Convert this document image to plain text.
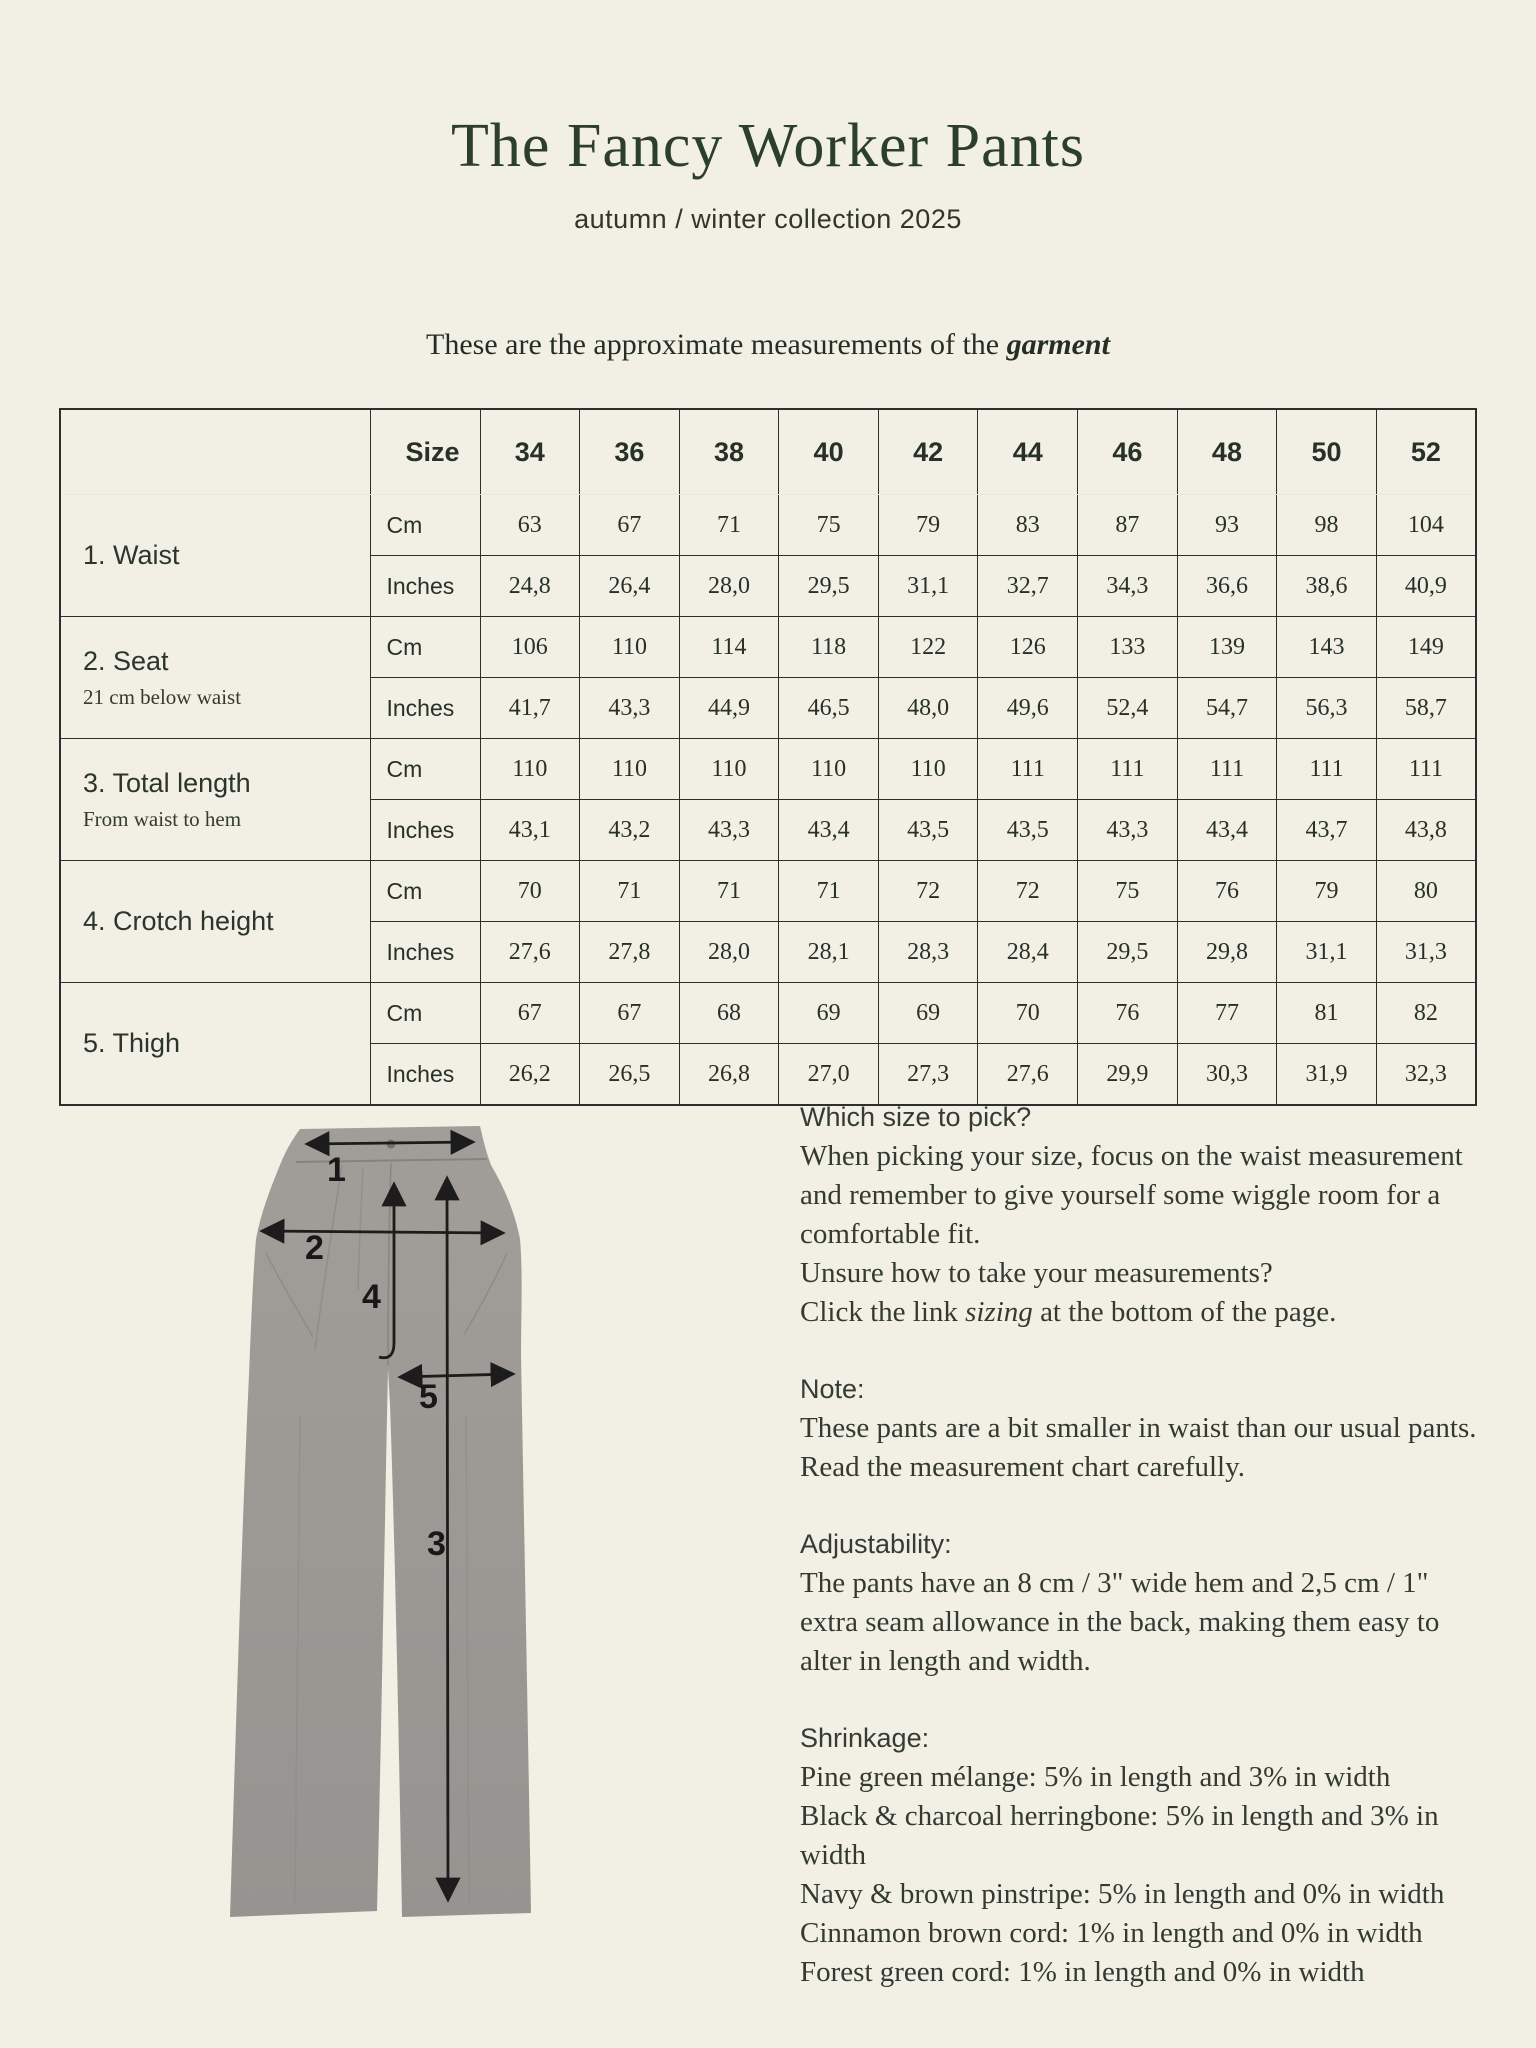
The Fancy Worker Pants
autumn / winter collection 2025

These are the approximate measurements of the garment

	Size	34	36	38	40	42	44	46	48	50	52

1. Waist	Cm	63	67	71	75	79	83	87	93	98	104
	Inches	24,8	26,4	28,0	29,5	31,1	32,7	34,3	36,6	38,6	40,9

2. Seat
21 cm below waist	Cm	106	110	114	118	122	126	133	139	143	149
	Inches	41,7	43,3	44,9	46,5	48,0	49,6	52,4	54,7	56,3	58,7

3. Total length
From waist to hem	Cm	110	110	110	110	110	111	111	111	111	111
	Inches	43,1	43,2	43,3	43,4	43,5	43,5	43,3	43,4	43,7	43,8

4. Crotch height	Cm	70	71	71	71	72	72	75	76	79	80
	Inches	27,6	27,8	28,0	28,1	28,3	28,4	29,5	29,8	31,1	31,3

5. Thigh	Cm	67	67	68	69	69	70	76	77	81	82
	Inches	26,2	26,5	26,8	27,0	27,3	27,6	29,9	30,3	31,9	32,3
1
2
4
5
3
Which size to pick?

When picking your size, focus on the waist measurement and remember to give yourself some wiggle room for a comfortable fit.

Unsure how to take your measurements?

Click the link sizing at the bottom of the page.

Note:

These pants are a bit smaller in waist than our usual pants. Read the measurement chart carefully.

Adjustability:

The pants have an 8 cm / 3" wide hem and 2,5 cm / 1" extra seam allowance in the back, making them easy to alter in length and width.

Shrinkage:

Pine green mélange: 5% in length and 3% in width

Black & charcoal herringbone: 5% in length and 3% in width

Navy & brown pinstripe: 5% in length and 0% in width

Cinnamon brown cord: 1% in length and 0% in width

Forest green cord: 1% in length and 0% in width
